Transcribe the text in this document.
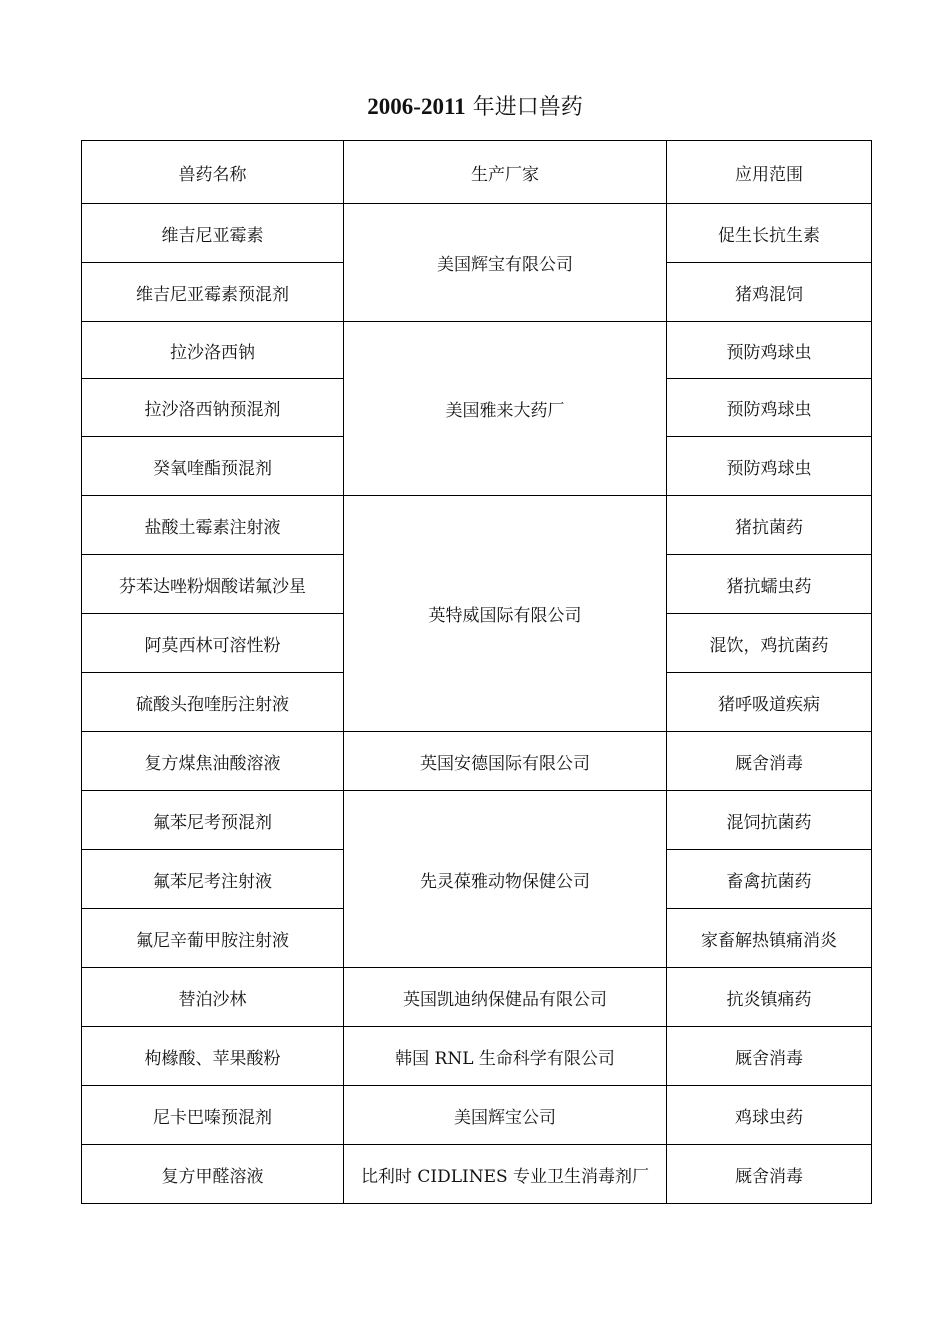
2006-2011 年进口兽药
兽药名称	生产厂家	应用范围
维吉尼亚霉素	美国辉宝有限公司	促生长抗生素
维吉尼亚霉素预混剂		猪鸡混饲
拉沙洛西钠	美国雅来大药厂	预防鸡球虫
拉沙洛西钠预混剂		预防鸡球虫
癸氧喹酯预混剂		预防鸡球虫
盐酸土霉素注射液	英特威国际有限公司	猪抗菌药
芬苯达唑粉烟酸诺氟沙星		猪抗蠕虫药
阿莫西林可溶性粉		混饮，鸡抗菌药
硫酸头孢喹肟注射液		猪呼吸道疾病
复方煤焦油酸溶液	英国安德国际有限公司	厩舍消毒
氟苯尼考预混剂	先灵葆雅动物保健公司	混饲抗菌药
氟苯尼考注射液		畜禽抗菌药
氟尼辛葡甲胺注射液		家畜解热镇痛消炎
替泊沙林	英国凯迪纳保健品有限公司	抗炎镇痛药
枸橼酸、苹果酸粉	韩国 RNL 生命科学有限公司	厩舍消毒
尼卡巴嗪预混剂	美国辉宝公司	鸡球虫药
复方甲醛溶液	比利时 CIDLINES 专业卫生消毒剂厂	厩舍消毒
